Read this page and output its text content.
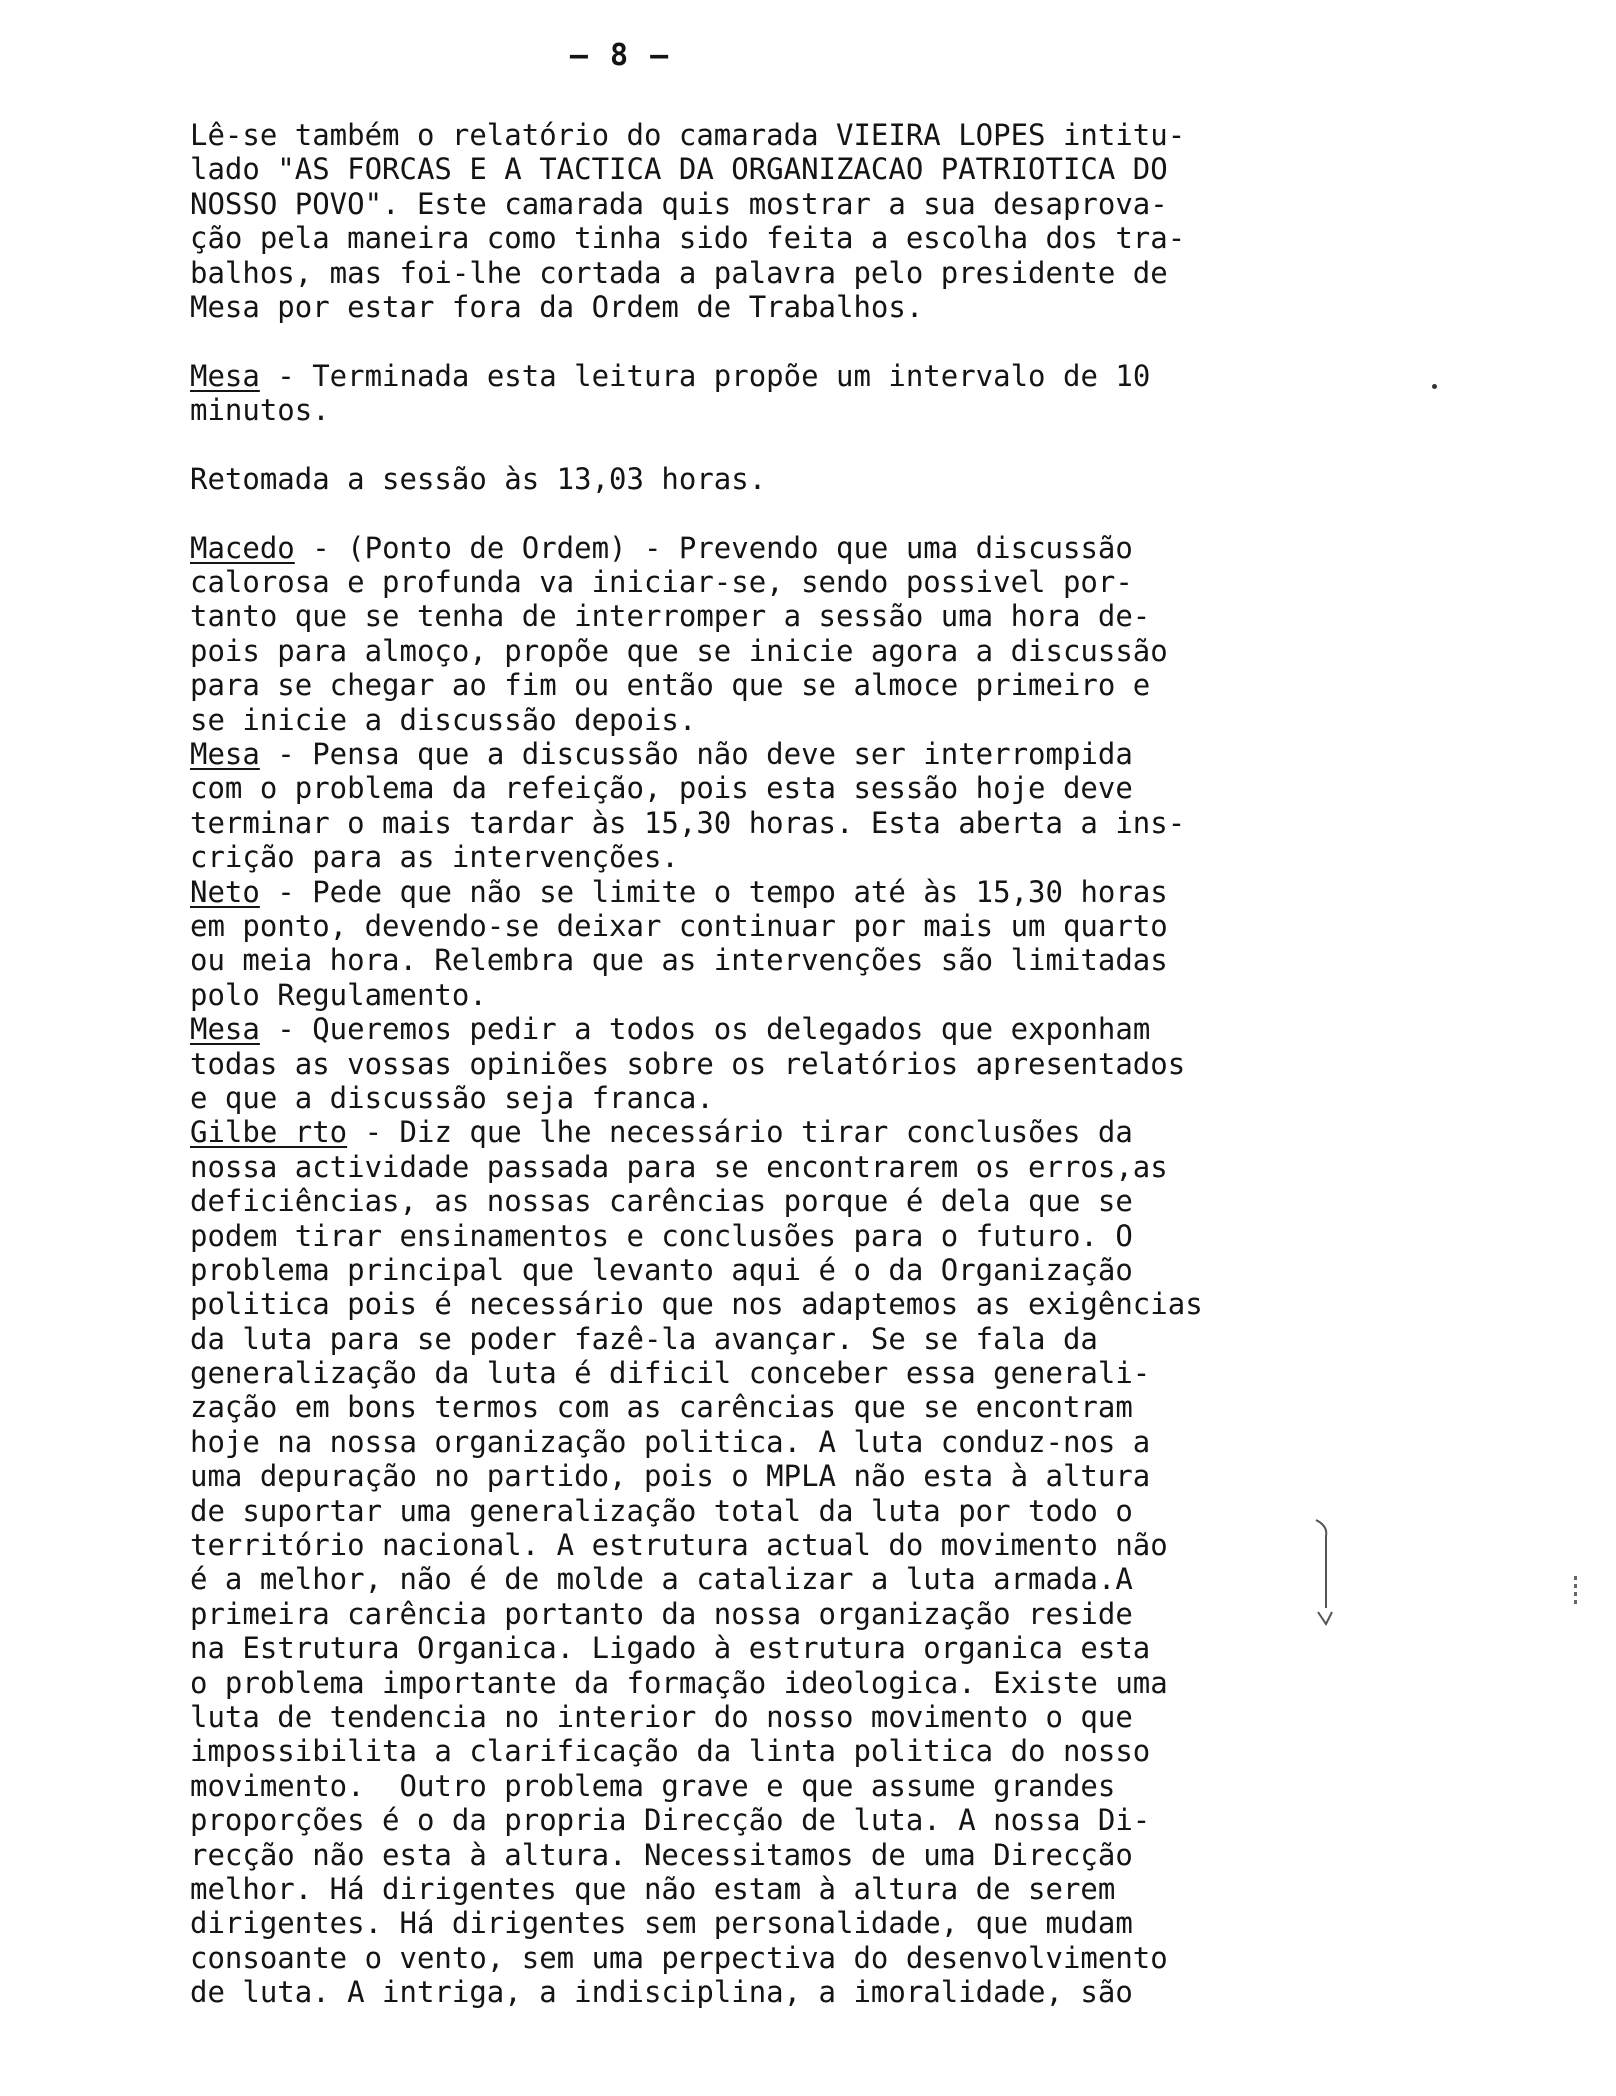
– 8 –
Lê-se também o relatório do camarada VIEIRA LOPES intitu-
lado "AS FORCAS E A TACTICA DA ORGANIZACAO PATRIOTICA DO
NOSSO POVO". Este camarada quis mostrar a sua desaprova-
ção pela maneira como tinha sido feita a escolha dos tra-
balhos, mas foi-lhe cortada a palavra pelo presidente de
Mesa por estar fora da Ordem de Trabalhos.
Mesa - Terminada esta leitura propõe um intervalo de 10
minutos.
Retomada a sessão às 13,03 horas.
Macedo - (Ponto de Ordem) - Prevendo que uma discussão
calorosa e profunda va iniciar-se, sendo possivel por-
tanto que se tenha de interromper a sessão uma hora de-
pois para almoço, propõe que se inicie agora a discussão
para se chegar ao fim ou então que se almoce primeiro e
se inicie a discussão depois.
Mesa - Pensa que a discussão não deve ser interrompida
com o problema da refeição, pois esta sessão hoje deve
terminar o mais tardar às 15,30 horas. Esta aberta a ins-
crição para as intervenções.
Neto - Pede que não se limite o tempo até às 15,30 horas
em ponto, devendo-se deixar continuar por mais um quarto
ou meia hora. Relembra que as intervenções são limitadas
polo Regulamento.
Mesa - Queremos pedir a todos os delegados que exponham
todas as vossas opiniões sobre os relatórios apresentados
e que a discussão seja franca.
Gilbe rto - Diz que lhe necessário tirar conclusões da
nossa actividade passada para se encontrarem os erros,as
deficiências, as nossas carências porque é dela que se
podem tirar ensinamentos e conclusões para o futuro. O
problema principal que levanto aqui é o da Organização
politica pois é necessário que nos adaptemos as exigências
da luta para se poder fazê-la avançar. Se se fala da
generalização da luta é dificil conceber essa generali-
zação em bons termos com as carências que se encontram
hoje na nossa organização politica. A luta conduz-nos a
uma depuração no partido, pois o MPLA não esta à altura
de suportar uma generalização total da luta por todo o
território nacional. A estrutura actual do movimento não
é a melhor, não é de molde a catalizar a luta armada.A
primeira carência portanto da nossa organização reside
na Estrutura Organica. Ligado à estrutura organica esta
o problema importante da formação ideologica. Existe uma
luta de tendencia no interior do nosso movimento o que
impossibilita a clarificação da linta politica do nosso
movimento.  Outro problema grave e que assume grandes
proporções é o da propria Direcção de luta. A nossa Di-
recção não esta à altura. Necessitamos de uma Direcção
melhor. Há dirigentes que não estam à altura de serem
dirigentes. Há dirigentes sem personalidade, que mudam
consoante o vento, sem uma perpectiva do desenvolvimento
de luta. A intriga, a indisciplina, a imoralidade, são
